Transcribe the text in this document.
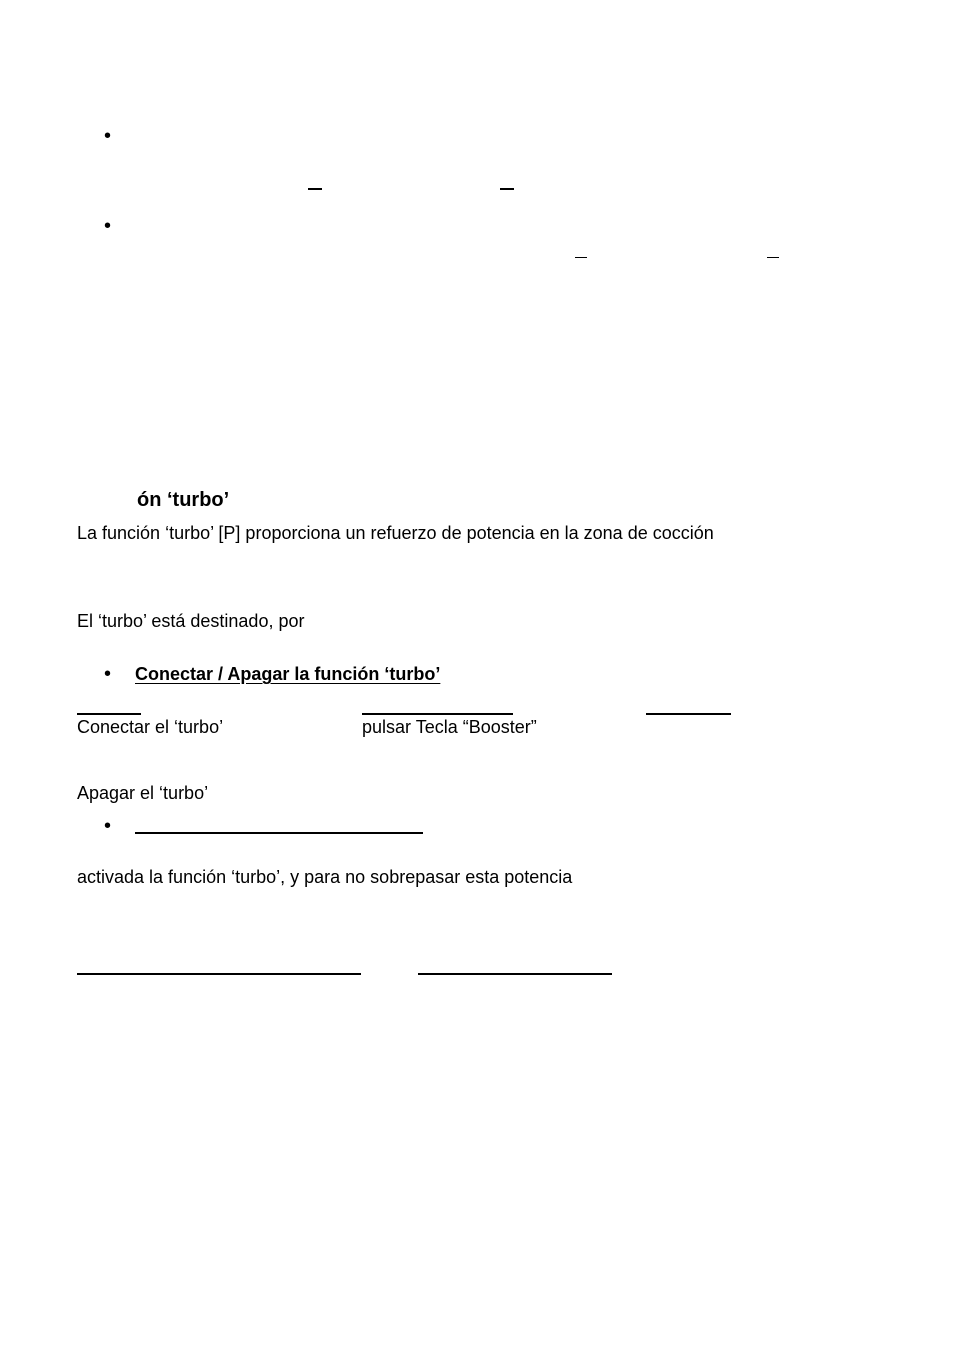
•
•
ón ‘turbo’
La función ‘turbo’ [P] proporciona un refuerzo de potencia en la zona de cocción
El ‘turbo’ está destinado, por
• Conectar / Apagar la función ‘turbo’
Conectar el ‘turbo’	pulsar Tecla “Booster”
Apagar el ‘turbo’
•
activada la función ‘turbo’, y para no sobrepasar esta potencia
